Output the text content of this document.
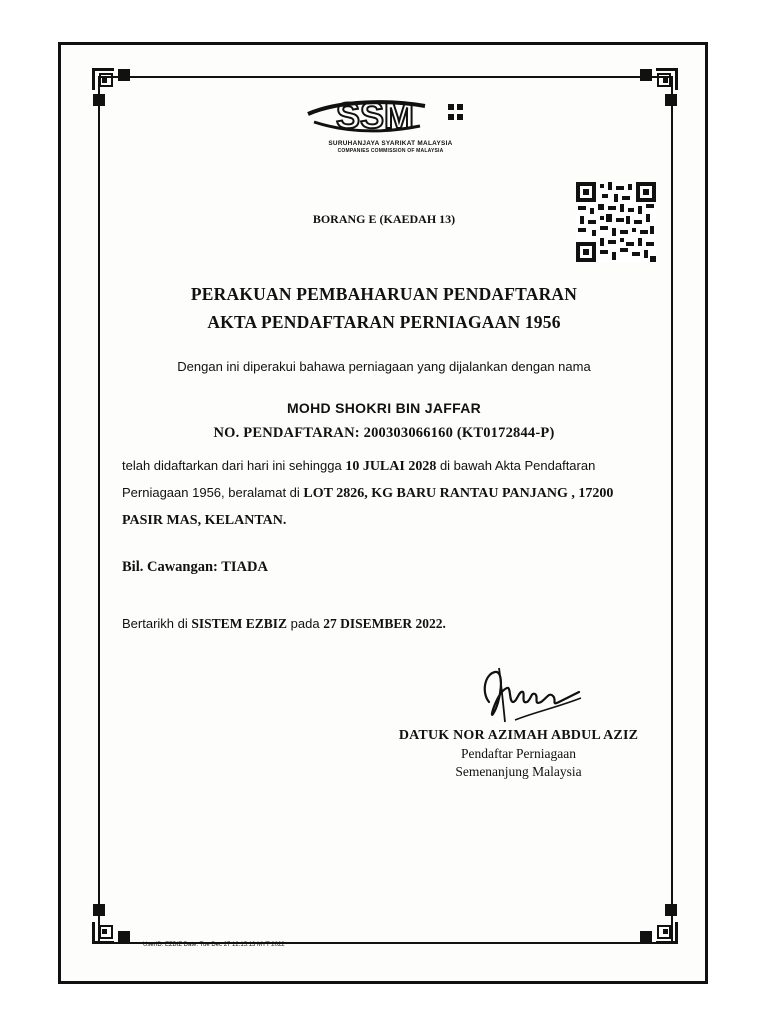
SSM
SURUHANJAYA SYARIKAT MALAYSIA
COMPANIES COMMISSION OF MALAYSIA
BORANG E (KAEDAH 13)
PERAKUAN PEMBAHARUAN PENDAFTARAN
AKTA PENDAFTARAN PERNIAGAAN 1956
Dengan ini diperakui bahawa perniagaan yang dijalankan dengan nama
MOHD SHOKRI BIN JAFFAR
NO. PENDAFTARAN: 200303066160 (KT0172844-P)
telah didaftarkan dari hari ini sehingga 10 JULAI 2028 di bawah Akta Pendaftaran
Perniagaan 1956, beralamat di LOT 2826, KG BARU RANTAU PANJANG , 17200
PASIR MAS, KELANTAN.
Bil. Cawangan: TIADA
Bertarikh di SISTEM EZBIZ pada 27 DISEMBER 2022.
DATUK NOR AZIMAH ABDUL AZIZ
Pendaftar Perniagaan
Semenanjung Malaysia
UserID: EZBIZ Date: Tue Dec 27 12:15:13 MYT 2022
